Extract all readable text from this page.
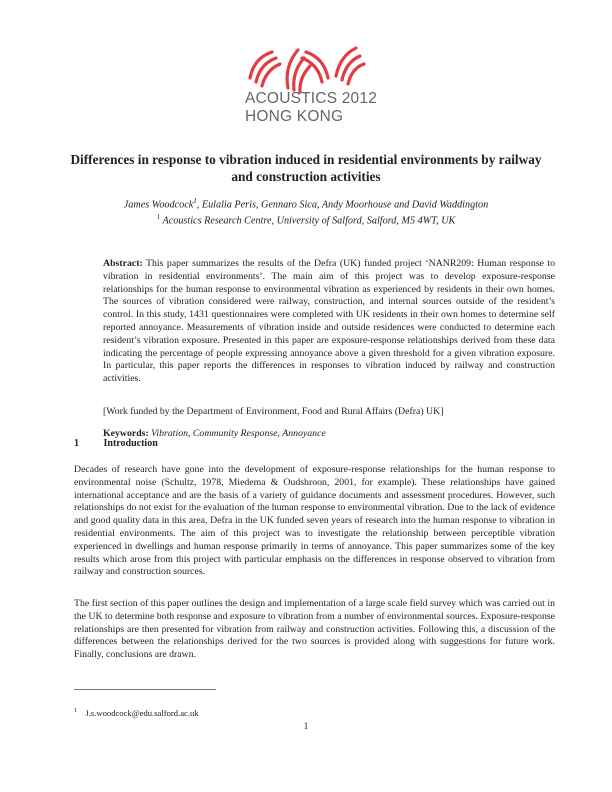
ACOUSTICS 2012
HONG KONG
Differences in response to vibration induced in residential environments by railway and construction activities
James Woodcock$^1$, Eulalia Peris, Gennaro Sica, Andy Moorhouse and David Waddington
$^1$ Acoustics Research Centre, University of Salford, Salford, M5 4WT, UK
Abstract: This paper summarizes the results of the Defra (UK) funded project ‘NANR209: Human response to vibration in residential environments’. The main aim of this project was to develop exposure-response relationships for the human response to environmental vibration as experienced by residents in their own homes. The sources of vibration considered were railway, construction, and internal sources outside of the resident’s control. In this study, 1431 questionnaires were completed with UK residents in their own homes to determine self reported annoyance. Measurements of vibration inside and outside residences were conducted to determine each resident’s vibration exposure. Presented in this paper are exposure-response relationships derived from these data indicating the percentage of people expressing annoyance above a given threshold for a given vibration exposure. In particular, this paper reports the differences in responses to vibration induced by railway and construction activities.
[Work funded by the Department of Environment, Food and Rural Affairs (Defra) UK]
Keywords: Vibration, Community Response, Annoyance
1 Introduction
Decades of research have gone into the development of exposure-response relationships for the human response to environmental noise (Schultz, 1978, Miedema & Oudshroon, 2001, for example). These relationships have gained international acceptance and are the basis of a variety of guidance documents and assessment procedures. However, such relationships do not exist for the evaluation of the human response to environmental vibration. Due to the lack of evidence and good quality data in this area, Defra in the UK funded seven years of research into the human response to vibration in residential environments. The aim of this project was to investigate the relationship between perceptible vibration experienced in dwellings and human response primarily in terms of annoyance. This paper summarizes some of the key results which arose from this project with particular emphasis on the differences in response observed to vibration from railway and construction sources.
The first section of this paper outlines the design and implementation of a large scale field survey which was carried out in the UK to determine both response and exposure to vibration from a number of environmental sources. Exposure-response relationships are then presented for vibration from railway and construction activities. Following this, a discussion of the differences between the relationships derived for the two sources is provided along with suggestions for future work. Finally, conclusions are drawn.
$^1$ J.s.woodcock@edu.salford.ac.uk
1
